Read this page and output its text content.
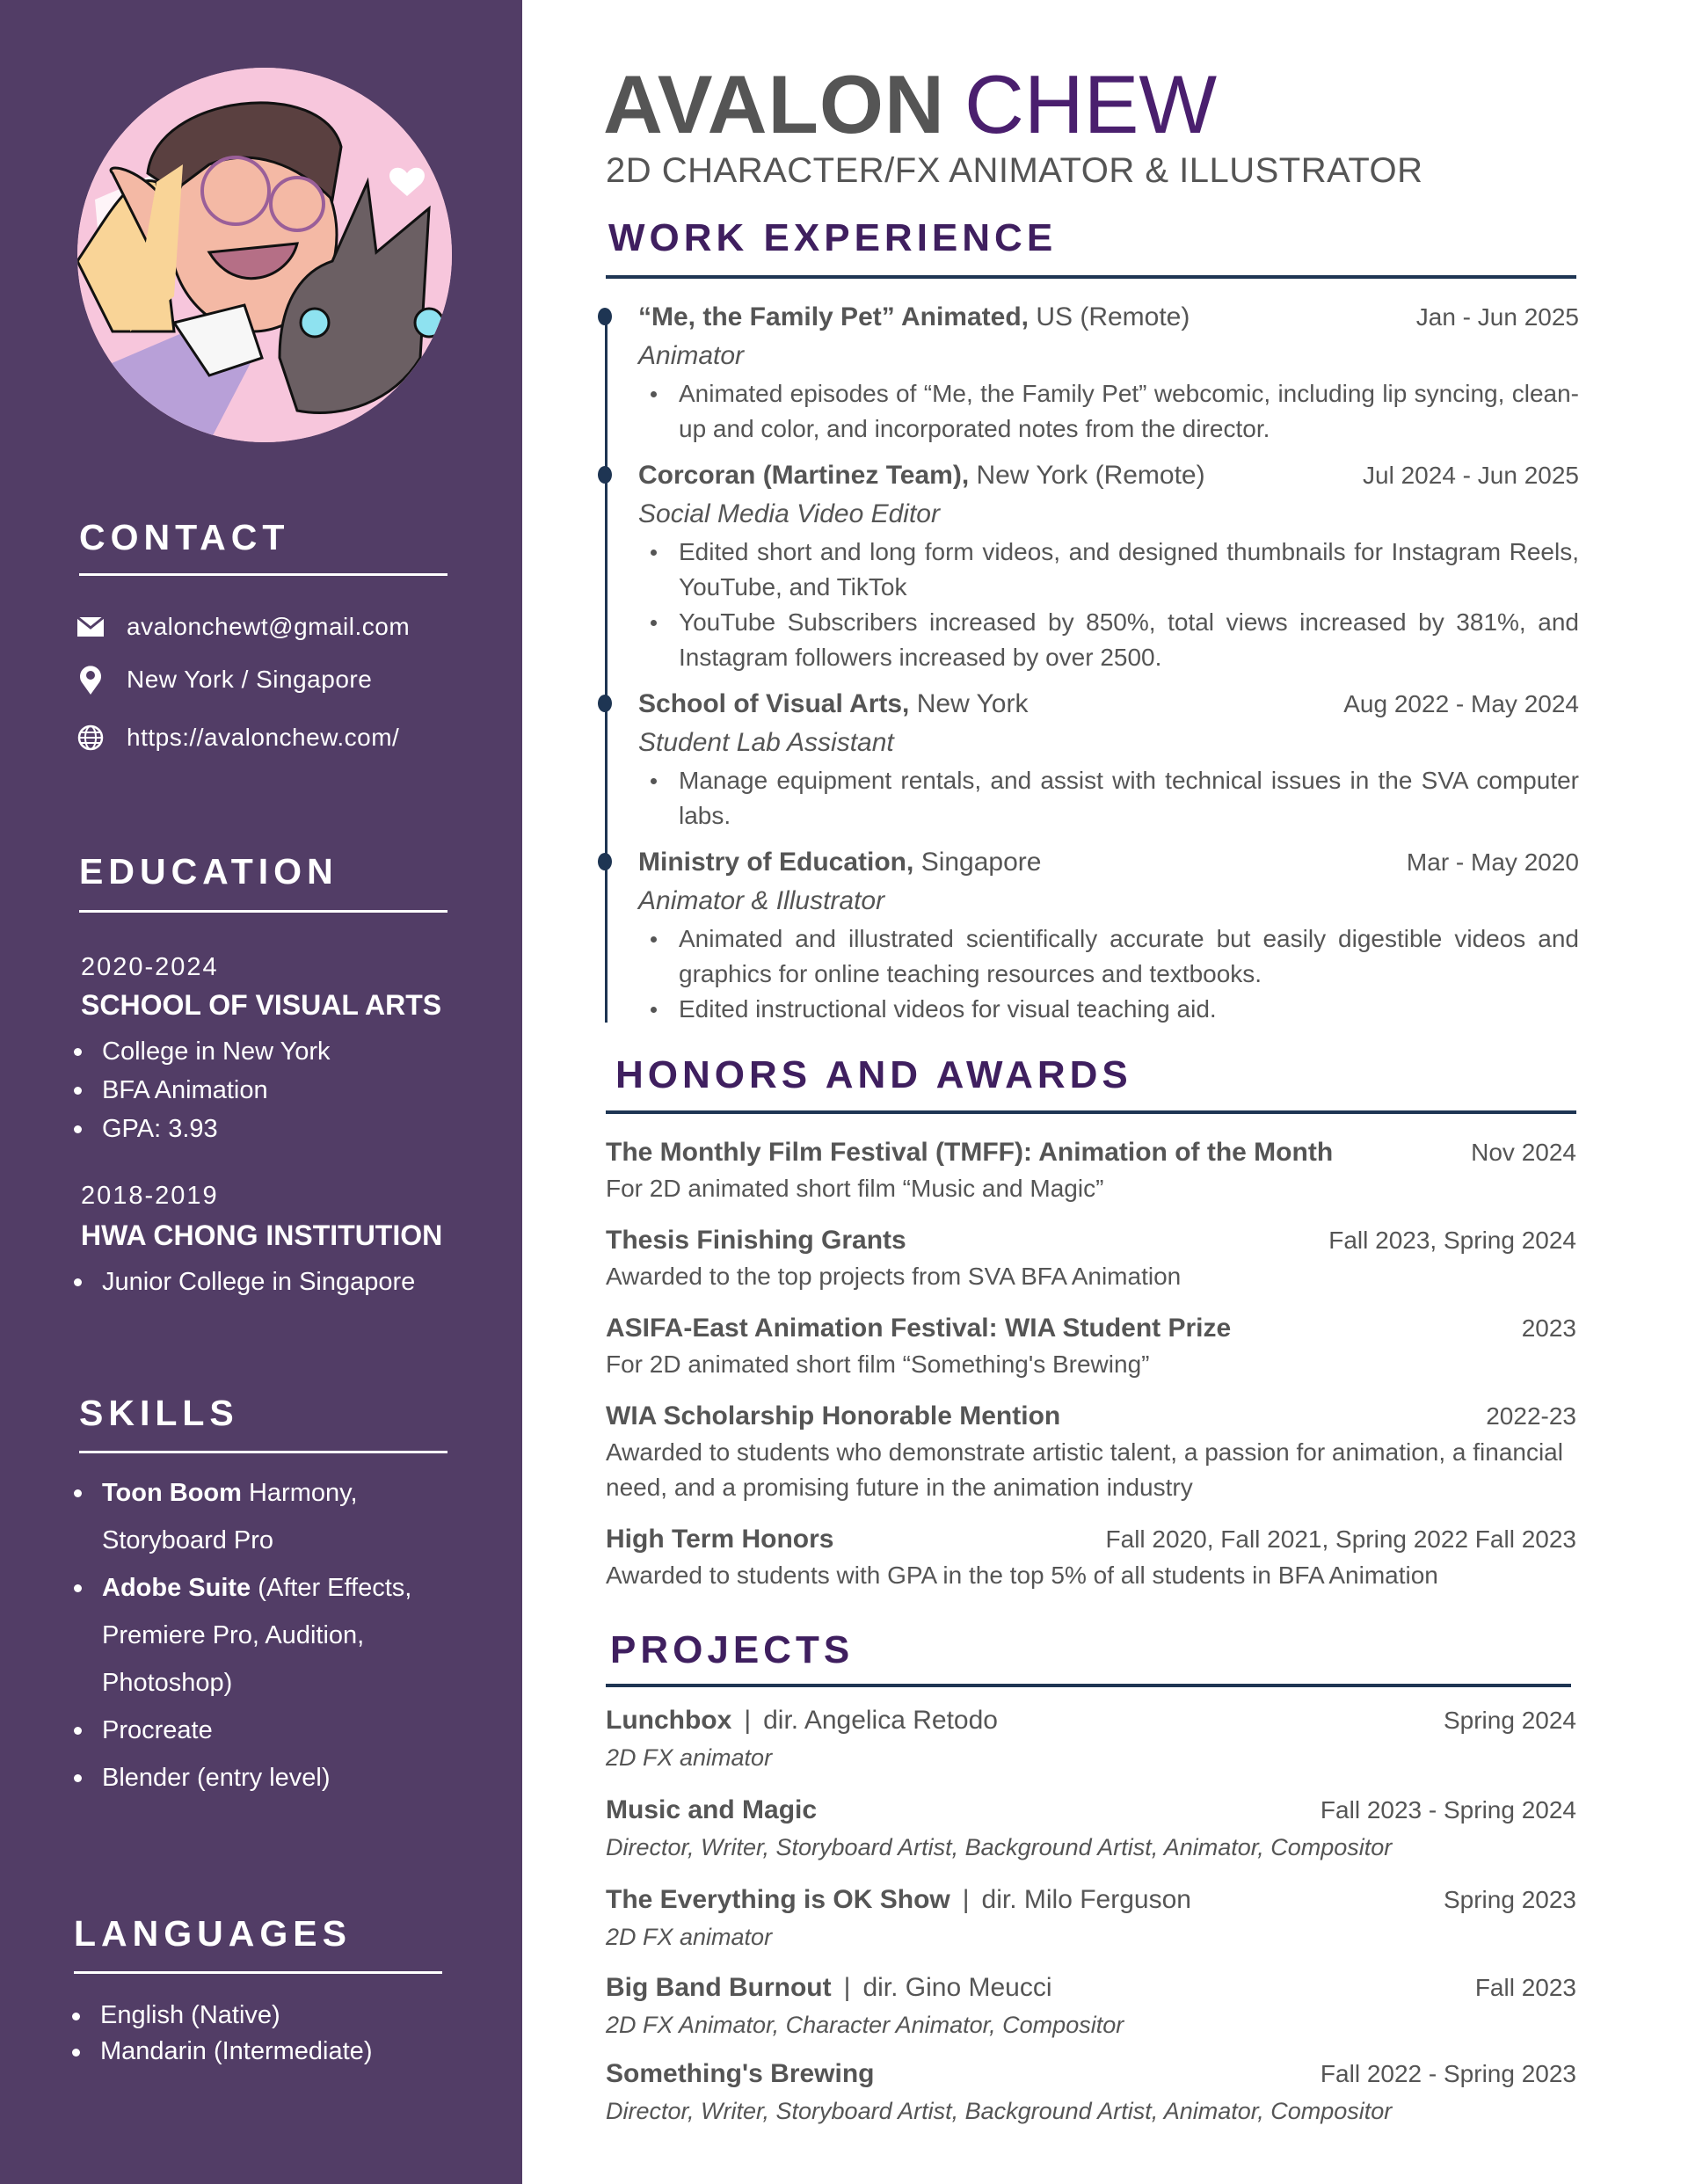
CONTACT
avalonchewt@gmail.com
New York / Singapore
https://avalonchew.com/
EDUCATION
2020-2024
SCHOOL OF VISUAL ARTS
College in New York
BFA Animation
GPA: 3.93
2018-2019
HWA CHONG INSTITUTION
Junior College in Singapore
SKILLS
Toon Boom Harmony,
Storyboard Pro
Adobe Suite (After Effects,
Premiere Pro, Audition,
Photoshop)
Procreate
Blender (entry level)
LANGUAGES
English (Native)
Mandarin (Intermediate)
AVALON CHEW
2D CHARACTER/FX ANIMATOR & ILLUSTRATOR
WORK EXPERIENCE
“Me, the Family Pet” Animated, US (Remote)	Jan - Jun 2025
Animator
Animated episodes of “Me, the Family Pet” webcomic, including lip syncing, clean-up and color, and incorporated notes from the director.
Corcoran (Martinez Team), New York (Remote)	Jul 2024 - Jun 2025
Social Media Video Editor
Edited short and long form videos, and designed thumbnails for Instagram Reels, YouTube, and TikTok
YouTube Subscribers increased by 850%, total views increased by 381%, and Instagram followers increased by over 2500.
School of Visual Arts, New York	Aug 2022 - May 2024
Student Lab Assistant
Manage equipment rentals, and assist with technical issues in the SVA computer labs.
Ministry of Education, Singapore	Mar - May 2020
Animator & Illustrator
Animated and illustrated scientifically accurate but easily digestible videos and graphics for online teaching resources and textbooks.
Edited instructional videos for visual teaching aid.
HONORS AND AWARDS
The Monthly Film Festival (TMFF): Animation of the Month	Nov 2024
For 2D animated short film “Music and Magic”
Thesis Finishing Grants	Fall 2023, Spring 2024
Awarded to the top projects from SVA BFA Animation
ASIFA-East Animation Festival: WIA Student Prize	2023
For 2D animated short film “Something's Brewing”
WIA Scholarship Honorable Mention	2022-23
Awarded to students who demonstrate artistic talent, a passion for animation, a financial need, and a promising future in the animation industry
High Term Honors	Fall 2020, Fall 2021, Spring 2022 Fall 2023
Awarded to students with GPA in the top 5% of all students in BFA Animation
PROJECTS
Lunchbox | dir. Angelica Retodo	Spring 2024
2D FX animator
Music and Magic	Fall 2023 - Spring 2024
Director, Writer, Storyboard Artist, Background Artist, Animator, Compositor
The Everything is OK Show | dir. Milo Ferguson	Spring 2023
2D FX animator
Big Band Burnout | dir. Gino Meucci	Fall 2023
2D FX Animator, Character Animator, Compositor
Something's Brewing	Fall 2022 - Spring 2023
Director, Writer, Storyboard Artist, Background Artist, Animator, Compositor
